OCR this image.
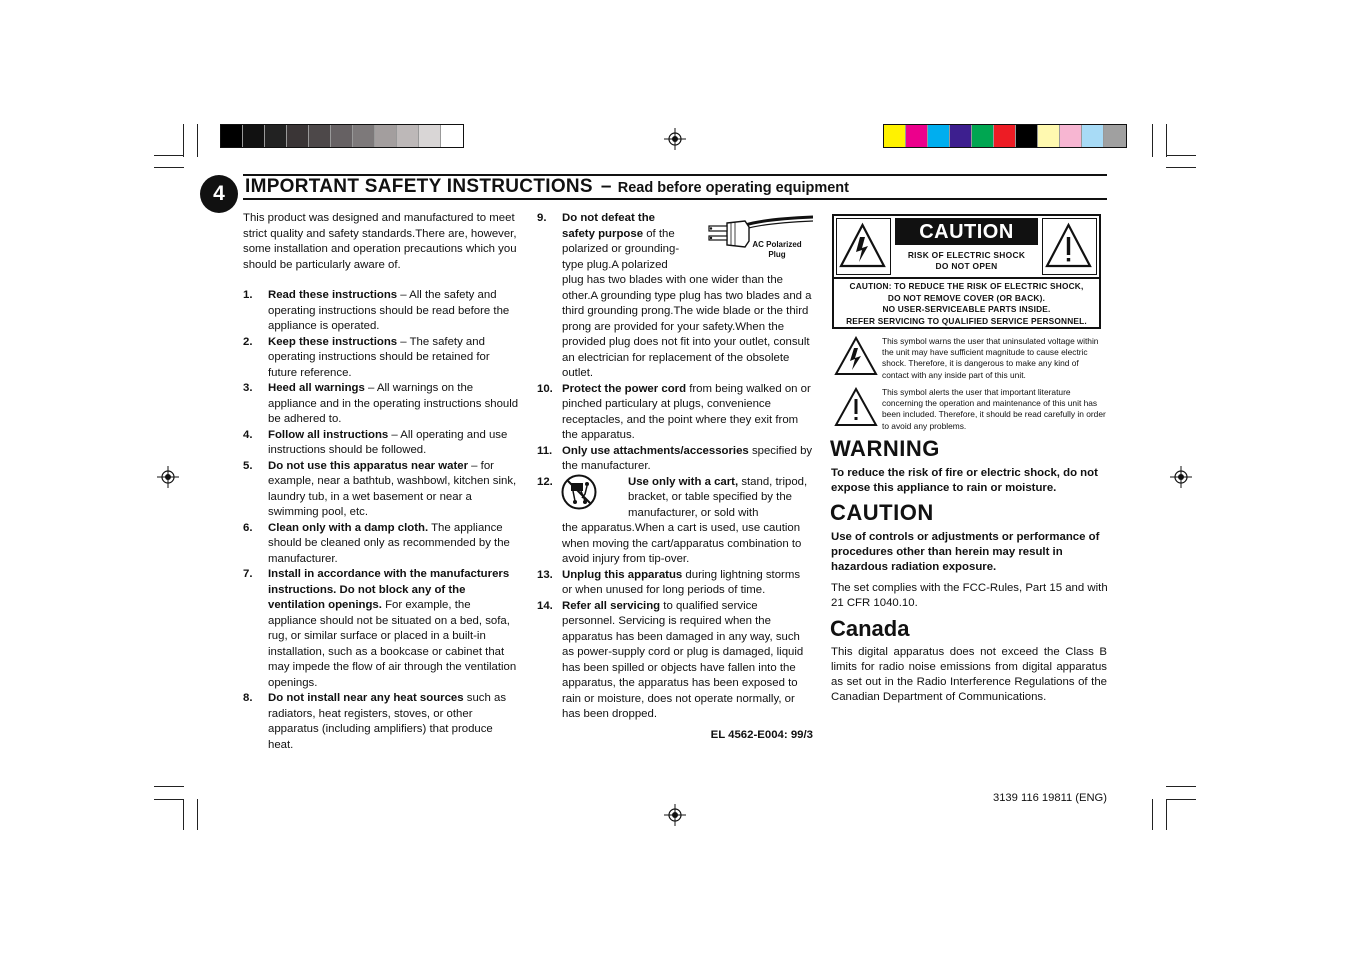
4	IMPORTANT SAFETY INSTRUCTIONS – Read before operating equipment

This product was designed and manufactured to meet strict quality and safety standards.There are, however, some installation and operation precautions which you should be particularly aware of.

1. Read these instructions – All the safety and operating instructions should be read before the appliance is operated.
2. Keep these instructions – The safety and operating instructions should be retained for future reference.
3. Heed all warnings – All warnings on the appliance and in the operating instructions should be adhered to.
4. Follow all instructions – All operating and use instructions should be followed.
5. Do not use this apparatus near water – for example, near a bathtub, washbowl, kitchen sink, laundry tub, in a wet basement or near a swimming pool, etc.
6. Clean only with a damp cloth. The appliance should be cleaned only as recommended by the manufacturer.
7. Install in accordance with the manufacturers instructions. Do not block any of the ventilation openings. For example, the appliance should not be situated on a bed, sofa, rug, or similar surface or placed in a built-in installation, such as a bookcase or cabinet that may impede the flow of air through the ventilation openings.
8. Do not install near any heat sources such as radiators, heat registers, stoves, or other apparatus (including amplifiers) that produce heat.
9. Do not defeat the safety purpose of the polarized or grounding-type plug.A polarized
AC Polarized
Plug

plug has two blades with one wider than the other.A grounding type plug has two blades and a third grounding prong.The wide blade or the third prong are provided for your safety.When the provided plug does not fit into your outlet, consult an electrician for replacement of the obsolete outlet.

10. Protect the power cord from being walked on or pinched particulary at plugs, convenience receptacles, and the point where they exit from the apparatus.
11. Only use attachments/accessories specified by the manufacturer.
12.	Use only with a cart, stand, tripod, bracket, or table specified by the manufacturer, or sold with

the apparatus.When a cart is used, use caution when moving the cart/apparatus combination to avoid injury from tip-over.

13. Unplug this apparatus during lightning storms or when unused for long periods of time.
14. Refer all servicing to qualified service personnel. Servicing is required when the apparatus has been damaged in any way, such as power-supply cord or plug is damaged, liquid has been spilled or objects have fallen into the apparatus, the apparatus has been exposed to rain or moisture, does not operate normally, or has been dropped.
EL 4562-E004: 99/3
CAUTION
RISK OF ELECTRIC SHOCK
DO NOT OPEN
CAUTION: TO REDUCE THE RISK OF ELECTRIC SHOCK,
DO NOT REMOVE COVER (OR BACK).
NO USER-SERVICEABLE PARTS INSIDE.
REFER SERVICING TO QUALIFIED SERVICE PERSONNEL.
This symbol warns the user that uninsulated voltage within the unit may have sufficient magnitude to cause electric shock. Therefore, it is dangerous to make any kind of contact with any inside part of this unit.
This symbol alerts the user that important literature concerning the operation and maintenance of this unit has been included. Therefore, it should be read carefully in order to avoid any problems.
WARNING
To reduce the risk of fire or electric shock, do not expose this appliance to rain or moisture.
CAUTION
Use of controls or adjustments or performance of procedures other than herein may result in hazardous radiation exposure.
The set complies with the FCC-Rules, Part 15 and with 21 CFR 1040.10.
Canada
This digital apparatus does not exceed the Class B limits for radio noise emissions from digital apparatus as set out in the Radio Interference Regulations of the Canadian Department of Communications.
3139 116 19811 (ENG)
